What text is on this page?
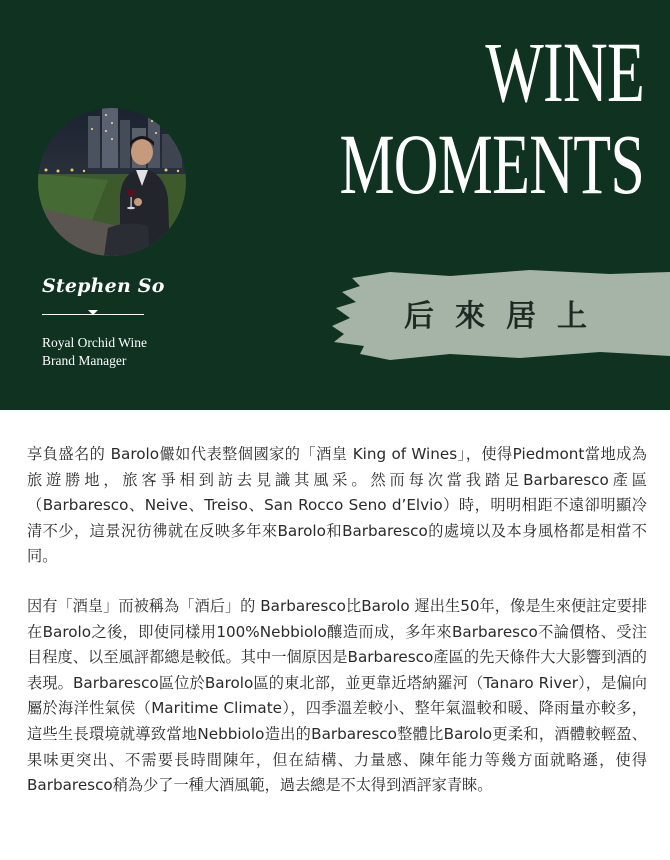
Stephen So
Royal Orchid Wine
Brand Manager
WINE
MOMENTS
后來居上

享負盛名的 Barolo儼如代表整個國家的「酒皇 King of Wines」，使得Piedmont當地成為旅遊勝地，旅客爭相到訪去見識其風采。然而每次當我踏足Barbaresco產區（Barbaresco、Neive、Treiso、San Rocco Seno d’Elvio）時，明明相距不遠卻明顯冷清不少，這景況彷彿就在反映多年來Barolo和Barbaresco的處境以及本身風格都是相當不同。

因有「酒皇」而被稱為「酒后」的 Barbaresco比Barolo 遲出生50年，像是生來便註定要排在Barolo之後，即使同樣用100%Nebbiolo釀造而成，多年來Barbaresco不論價格、受注目程度、以至風評都總是較低。其中一個原因是Barbaresco產區的先天條件大大影響到酒的表現。Barbaresco區位於Barolo區的東北部，並更靠近塔納羅河（Tanaro River），是偏向屬於海洋性氣侯（Maritime Climate），四季溫差較小、整年氣溫較和暖、降雨量亦較多，這些生長環境就導致當地Nebbiolo造出的Barbaresco整體比Barolo更柔和，酒體較輕盈、果味更突出、不需要長時間陳年，但在結構、力量感、陳年能力等幾方面就略遜，使得Barbaresco稍為少了一種大酒風範，過去總是不太得到酒評家青睞。
